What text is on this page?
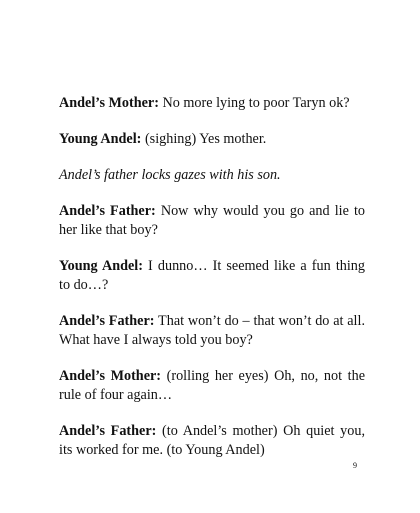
Andel’s Mother: No more lying to poor Taryn ok?

Young Andel: (sighing) Yes mother.

Andel’s father locks gazes with his son.

Andel’s Father: Now why would you go and lie to her like that boy?

Young Andel: I dunno… It seemed like a fun thing to do…?

Andel’s Father: That won’t do – that won’t do at all. What have I always told you boy?

Andel’s Mother: (rolling her eyes) Oh, no, not the rule of four again…

Andel’s Father: (to Andel’s mother) Oh quiet you, its worked for me. (to Young Andel)

9
